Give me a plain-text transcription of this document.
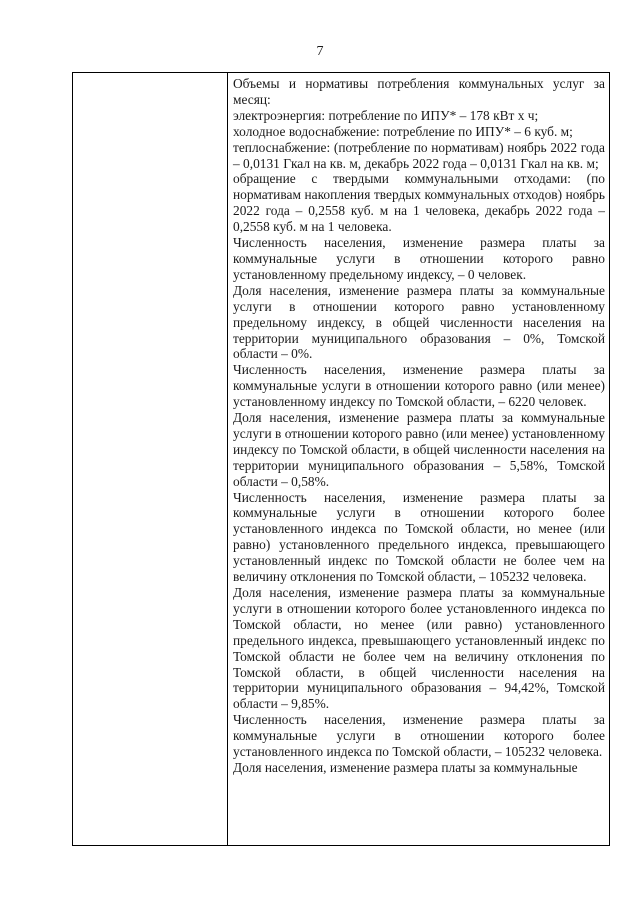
7

Объемы и нормативы потребления коммунальных услуг за месяц:

электроэнергия: потребление по ИПУ* – 178 кВт х ч;

холодное водоснабжение: потребление по ИПУ* – 6 куб. м;

теплоснабжение: (потребление по нормативам) ноябрь 2022 года – 0,0131 Гкал на кв. м, декабрь 2022 года – 0,0131 Гкал на кв. м;

обращение с твердыми коммунальными отходами: (по нормативам накопления твердых коммунальных отходов) ноябрь 2022 года – 0,2558 куб. м на 1 человека, декабрь 2022 года – 0,2558 куб. м на 1 человека.

Численность населения, изменение размера платы за коммунальные услуги в отношении которого равно установленному предельному индексу, – 0 человек.

Доля населения, изменение размера платы за коммунальные услуги в отношении которого равно установленному предельному индексу, в общей численности населения на территории муниципального образования – 0%, Томской области – 0%.

Численность населения, изменение размера платы за коммунальные услуги в отношении которого равно (или менее) установленному индексу по Томской области, – 6220 человек.

Доля населения, изменение размера платы за коммунальные услуги в отношении которого равно (или менее) установленному индексу по Томской области, в общей численности населения на территории муниципального образования – 5,58%, Томской области – 0,58%.

Численность населения, изменение размера платы за коммунальные услуги в отношении которого более установленного индекса по Томской области, но менее (или равно) установленного предельного индекса, превышающего установленный индекс по Томской области не более чем на величину отклонения по Томской области, – 105232 человека.

Доля населения, изменение размера платы за коммунальные услуги в отношении которого более установленного индекса по Томской области, но менее (или равно) установленного предельного индекса, превышающего установленный индекс по Томской области не более чем на величину отклонения по Томской области, в общей численности населения на территории муниципального образования – 94,42%, Томской области – 9,85%.

Численность населения, изменение размера платы за коммунальные услуги в отношении которого более установленного индекса по Томской области, – 105232 человека.

Доля населения, изменение размера платы за коммунальные
